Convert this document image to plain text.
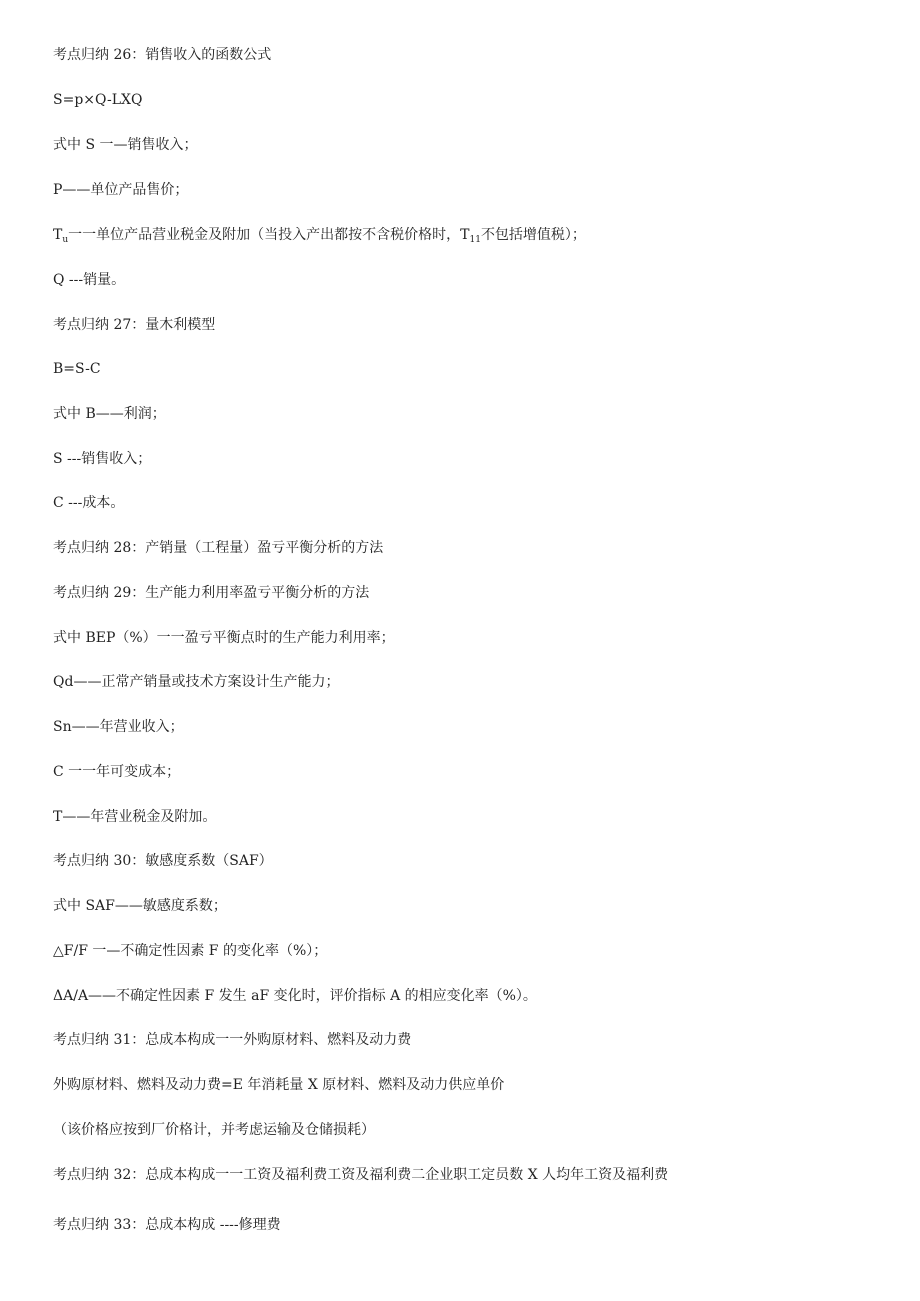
考点归纳 26：销售收入的函数公式
S=p×Q-LXQ
式中 S 一—销售收入；
P——单位产品售价；
$T_u$一一单位产品营业税金及附加（当投入产出都按不含税价格时，$T_{11}$不包括增值税）；
Q ---销量。
考点归纳 27：量木利模型
B=S-C
式中 B——利润；
S ---销售收入；
C ---成本。
考点归纳 28：产销量（工程量）盈亏平衡分析的方法
考点归纳 29：生产能力利用率盈亏平衡分析的方法
式中 BEP（%）一一盈亏平衡点时的生产能力利用率；
Qd——正常产销量或技术方案设计生产能力；
Sn——年营业收入；
C 一一年可变成本；
T——年营业税金及附加。
考点归纳 30：敏感度系数（SAF）
式中 SAF——敏感度系数；
△F/F 一—不确定性因素 F 的变化率（%）；
ΔA/A——不确定性因素 F 发生 aF 变化时，评价指标 A 的相应变化率（%）。
考点归纳 31：总成本构成一一外购原材料、燃料及动力费
外购原材料、燃料及动力费=E 年消耗量 X 原材料、燃料及动力供应单价
（该价格应按到厂价格计，并考虑运输及仓储损耗）
考点归纳 32：总成本构成一一工资及福利费工资及福利费二企业职工定员数 X 人均年工资及福利费
考点归纳 33：总成本构成 ----修理费
